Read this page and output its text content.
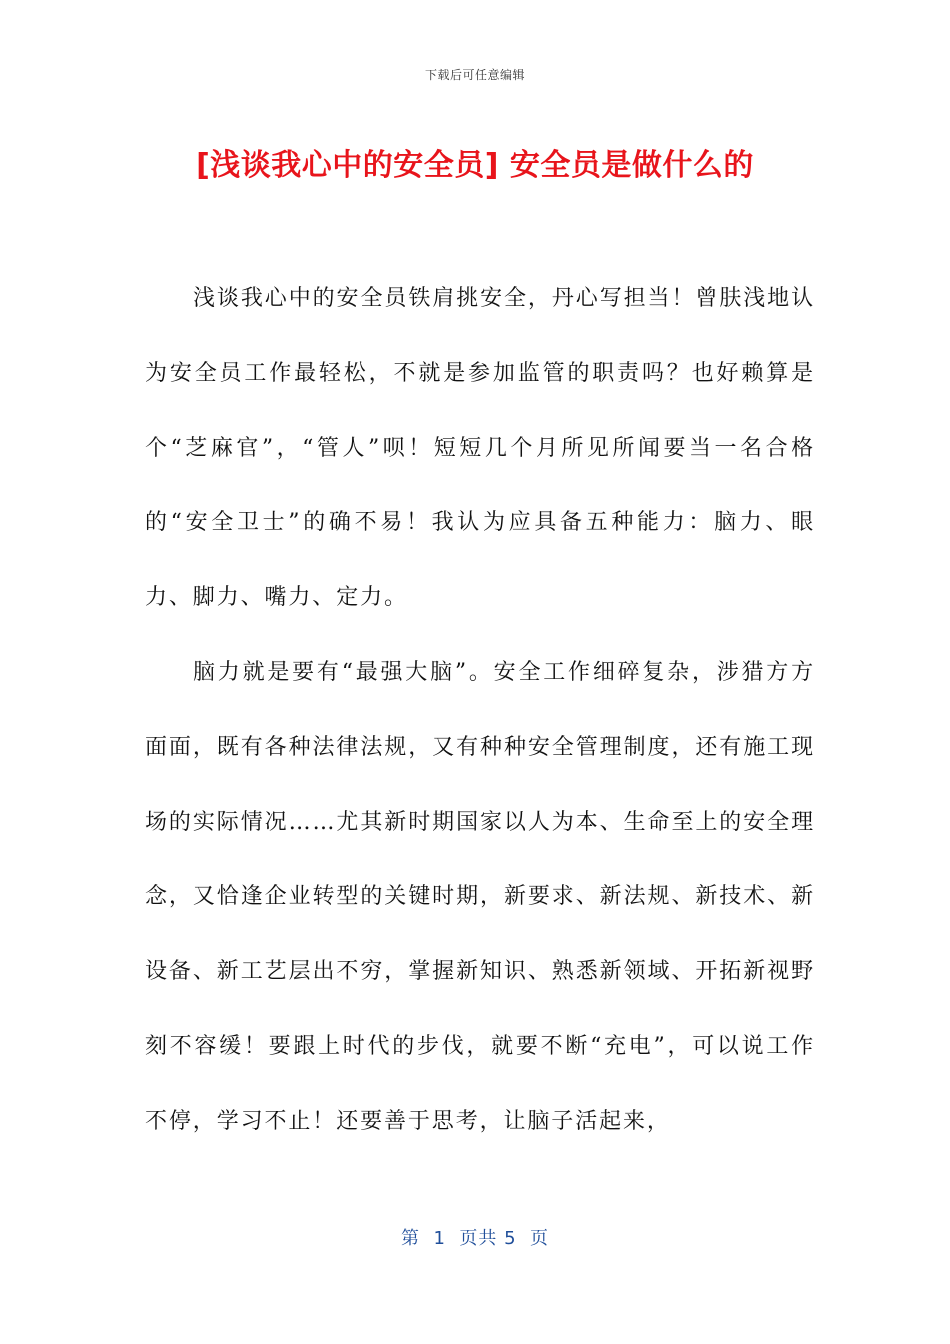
下载后可任意编辑
[浅谈我心中的安全员] 安全员是做什么的

浅谈我心中的安全员铁肩挑安全，丹心写担当！曾肤浅地认为安全员工作最轻松，不就是参加监管的职责吗？也好赖算是个“芝麻官”，“管人”呗！短短几个月所见所闻要当一名合格的“安全卫士”的确不易！我认为应具备五种能力：脑力、眼力、脚力、嘴力、定力。

脑力就是要有“最强大脑”。安全工作细碎复杂，涉猎方方面面，既有各种法律法规，又有种种安全管理制度，还有施工现场的实际情况……尤其新时期国家以人为本、生命至上的安全理念，又恰逢企业转型的关键时期，新要求、新法规、新技术、新设备、新工艺层出不穷，掌握新知识、熟悉新领域、开拓新视野刻不容缓！要跟上时代的步伐，就要不断“充电”，可以说工作不停，学习不止！还要善于思考，让脑子活起来，

第  1  页共 5  页
